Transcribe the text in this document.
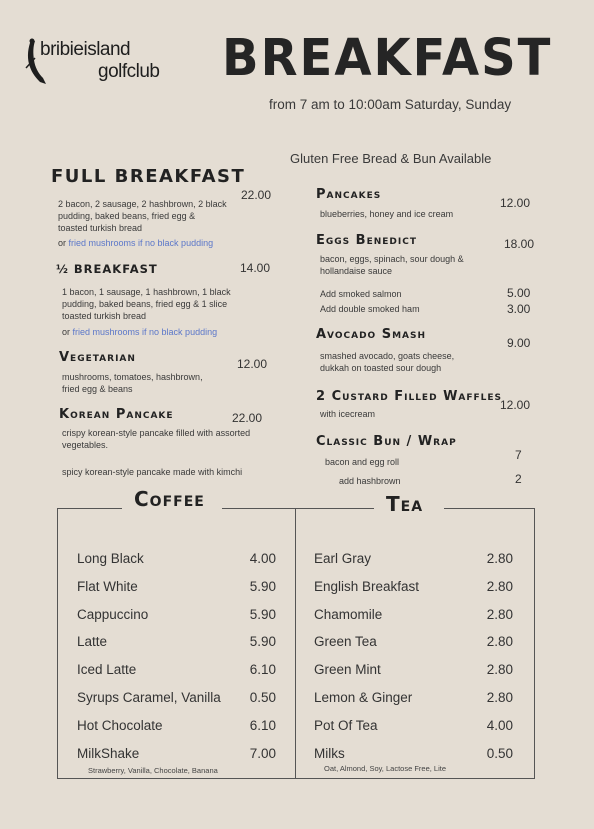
bribieisland
golfclub BREAKFAST
from 7 am to 10:00am Saturday, Sunday
Gluten Free Bread & Bun Available
FULL BREAKFAST
22.00
2 bacon, 2 sausage, 2 hashbrown, 2 black
pudding, baked beans, fried egg &
toasted turkish bread
or fried mushrooms if no black pudding
½ BREAKFAST	14.00
1 bacon, 1 sausage, 1 hashbrown, 1 black
pudding, baked beans, fried egg & 1 slice
toasted turkish bread
or fried mushrooms if no black pudding
Vegetarian	12.00
mushrooms, tomatoes, hashbrown,
fried egg & beans
Korean Pancake	22.00
crispy korean-style pancake filled with assorted
vegetables.
spicy korean-style pancake made with kimchi
Pancakes
12.00
blueberries, honey and ice cream
Eggs Benedict	18.00
bacon, eggs, spinach, sour dough &
hollandaise sauce
Add smoked salmon	5.00
Add double smoked ham	3.00
Avocado Smash
9.00
smashed avocado, goats cheese,
dukkah on toasted sour dough
2 Custard Filled Waffles
12.00
with icecream
Classic Bun / Wrap
bacon and egg roll	7
add hashbrown	2
Coffee	Tea
Long Black	4.00
Flat White	5.90
Cappuccino	5.90
Latte	5.90
Iced Latte	6.10
Syrups Caramel, Vanilla	0.50
Hot Chocolate	6.10
MilkShake	7.00
Earl Gray	2.80
English Breakfast	2.80
Chamomile	2.80
Green Tea	2.80
Green Mint	2.80
Lemon & Ginger	2.80
Pot Of Tea	4.00
Milks	0.50
Strawberry, Vanilla, Chocolate, Banana	Oat, Almond, Soy, Lactose Free, Lite
